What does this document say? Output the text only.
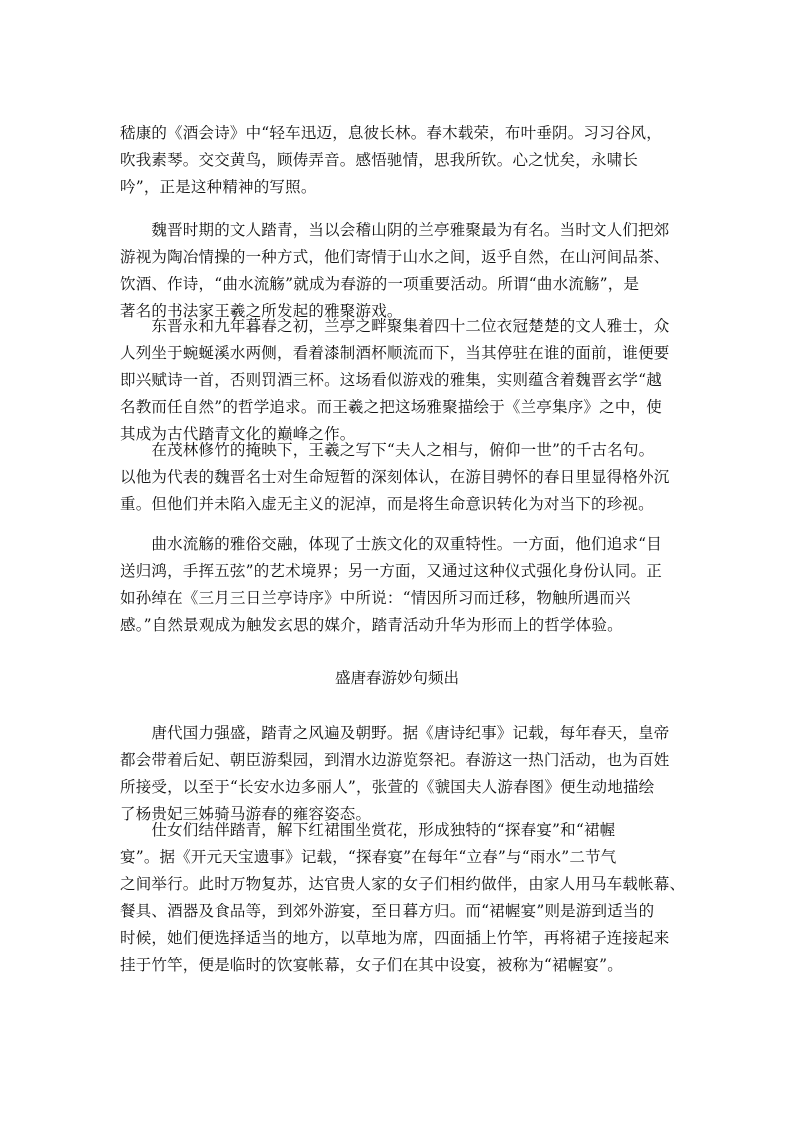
嵇康的《酒会诗》中“轻车迅迈，息彼长林。春木载荣，布叶垂阴。习习谷风，
吹我素琴。交交黄鸟，顾俦弄音。感悟驰情，思我所钦。心之忧矣，永啸长
吟”，正是这种精神的写照。
　　魏晋时期的文人踏青，当以会稽山阴的兰亭雅聚最为有名。当时文人们把郊
游视为陶冶情操的一种方式，他们寄情于山水之间，返乎自然，在山河间品茶、
饮酒、作诗，“曲水流觞”就成为春游的一项重要活动。所谓“曲水流觞”，是
著名的书法家王羲之所发起的雅聚游戏。
　　东晋永和九年暮春之初，兰亭之畔聚集着四十二位衣冠楚楚的文人雅士，众
人列坐于蜿蜒溪水两侧，看着漆制酒杯顺流而下，当其停驻在谁的面前，谁便要
即兴赋诗一首，否则罚酒三杯。这场看似游戏的雅集，实则蕴含着魏晋玄学“越
名教而任自然”的哲学追求。而王羲之把这场雅聚描绘于《兰亭集序》之中，使
其成为古代踏青文化的巅峰之作。
　　在茂林修竹的掩映下，王羲之写下“夫人之相与，俯仰一世”的千古名句。
以他为代表的魏晋名士对生命短暂的深刻体认，在游目骋怀的春日里显得格外沉
重。但他们并未陷入虚无主义的泥淖，而是将生命意识转化为对当下的珍视。
　　曲水流觞的雅俗交融，体现了士族文化的双重特性。一方面，他们追求“目
送归鸿，手挥五弦”的艺术境界；另一方面，又通过这种仪式强化身份认同。正
如孙绰在《三月三日兰亭诗序》中所说：“情因所习而迁移，物触所遇而兴
感。”自然景观成为触发玄思的媒介，踏青活动升华为形而上的哲学体验。
盛唐春游妙句频出
　　唐代国力强盛，踏青之风遍及朝野。据《唐诗纪事》记载，每年春天，皇帝
都会带着后妃、朝臣游梨园，到渭水边游览祭祀。春游这一热门活动，也为百姓
所接受，以至于“长安水边多丽人”，张萱的《虢国夫人游春图》便生动地描绘
了杨贵妃三姊骑马游春的雍容姿态。
　　仕女们结伴踏青，解下红裙围坐赏花，形成独特的“探春宴”和“裙幄
宴”。据《开元天宝遗事》记载，“探春宴”在每年“立春”与“雨水”二节气
之间举行。此时万物复苏，达官贵人家的女子们相约做伴，由家人用马车载帐幕、
餐具、酒器及食品等，到郊外游宴，至日暮方归。而“裙幄宴”则是游到适当的
时候，她们便选择适当的地方，以草地为席，四面插上竹竿，再将裙子连接起来
挂于竹竿，便是临时的饮宴帐幕，女子们在其中设宴，被称为“裙幄宴”。
